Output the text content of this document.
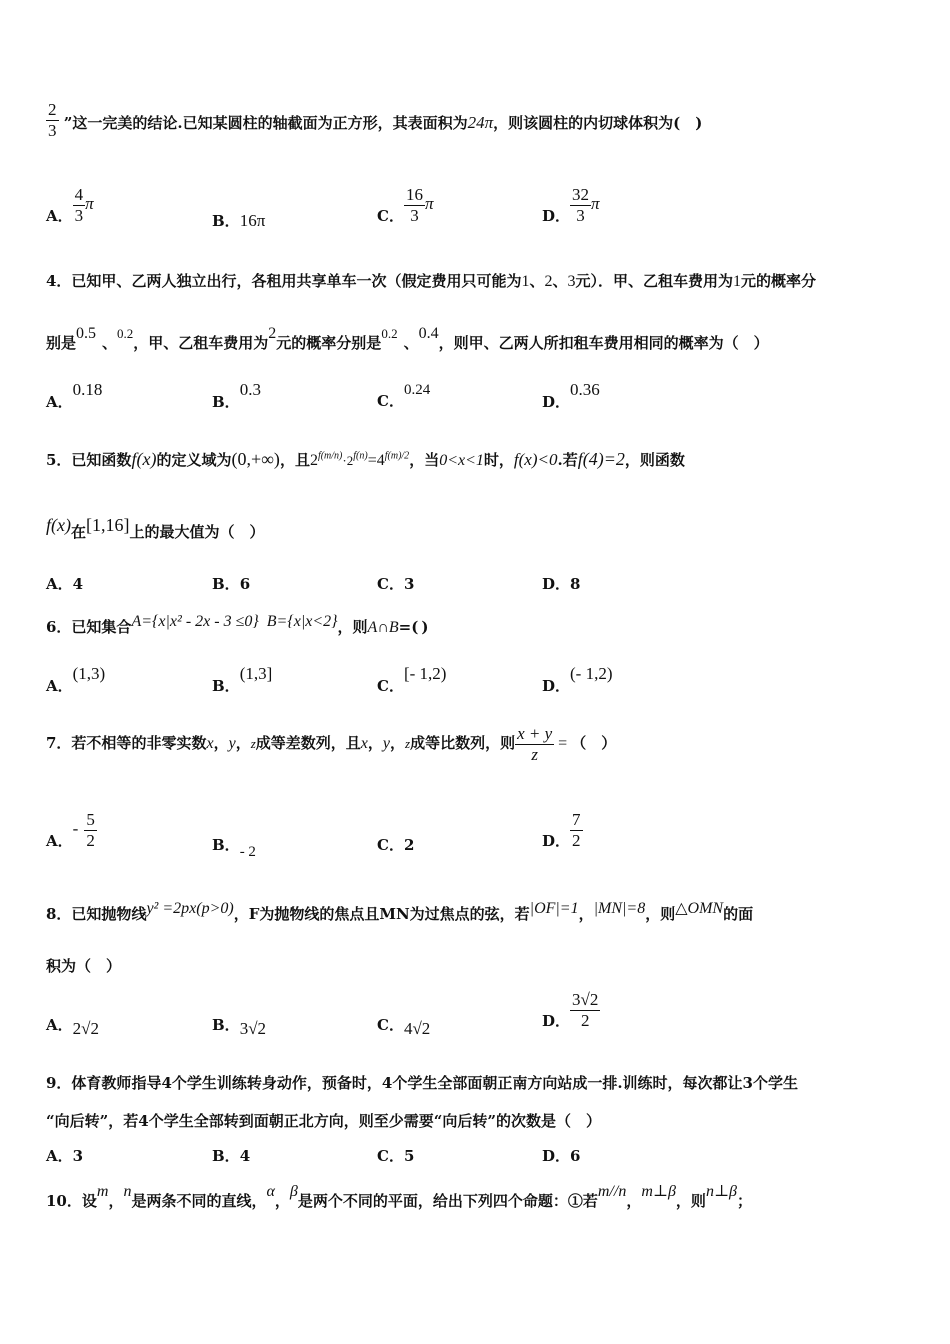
$\frac{2}{3}$ ”这一完美的结论.已知某圆柱的轴截面为正方形，其表面积为24π，则该圆柱的内切球体积为(　)
A． $\frac{4}{3}$ π
B．16π	C． $\frac{16}{3}$ π
D． $\frac{32}{3}$ π
4．已知甲、乙两人独立出行，各租用共享单车一次（假定费用只可能为1、2、3元）．甲、乙租车费用为1元的概率分
别是0.5、0.2，甲、乙租车费用为2元的概率分别是0.2、0.4，则甲、乙两人所扣租车费用相同的概率为（　）
A．0.18
B．0.3
C．0.24
D．0.36
5．已知函数f(x)的定义域为(0,+∞)，且$2^{f(m/n)}\cdot 2^{f(n)}=4^{f(m)/2}$，当0<x<1时，f(x)<0.若f(4)=2，则函数
f(x)在[1,16]上的最大值为（　）
A．4	B．6	C．3	D．8
6．已知集合A={x|x² - 2x - 3 ≤0} B={x|x<2}，则A∩B=( )
A．(1,3)
B．(1,3]
C．[- 1,2)
D．(- 1,2)
7．若不相等的非零实数x，y，z成等差数列，且x，y，z成等比数列，则 $\frac{x + y}{z}$ = （　）
A．- $\frac{5}{2}$	B．- 2	C．2	D． $\frac{7}{2}$
8．已知抛物线y² =2px(p>0)，F为抛物线的焦点且MN为过焦点的弦，若|OF|=1，|MN|=8，则△OMN的面
积为（　）
A．2√2	B．3√2	C．4√2	D． $\frac{3√2}{2}$
9．体育教师指导4个学生训练转身动作，预备时，4个学生全部面朝正南方向站成一排.训练时，每次都让3个学生
“向后转”，若4个学生全部转到面朝正北方向，则至少需要“向后转”的次数是（　）
A．3	B．4	C．5	D．6
10．设m，n是两条不同的直线，α，β是两个不同的平面，给出下列四个命题：①若m//n，m⊥β，则n⊥β；
